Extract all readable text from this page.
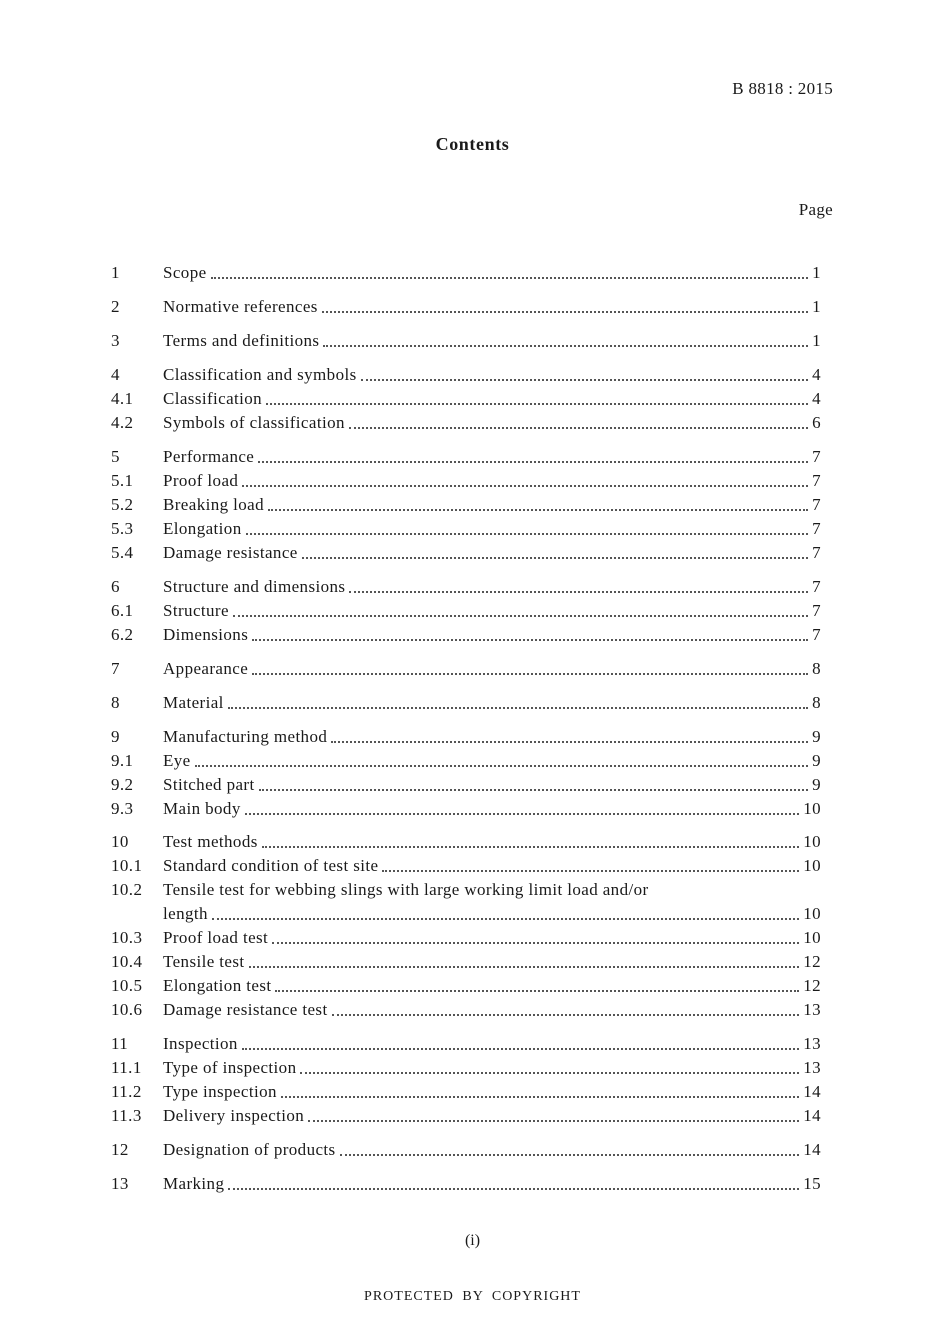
B 8818 : 2015
Contents
Page
1	Scope	1
2	Normative references	1
3	Terms and definitions	1
4	Classification and symbols	4
4.1	Classification	4
4.2	Symbols of classification	6
5	Performance	7
5.1	Proof load	7
5.2	Breaking load	7
5.3	Elongation	7
5.4	Damage resistance	7
6	Structure and dimensions	7
6.1	Structure	7
6.2	Dimensions	7
7	Appearance	8
8	Material	8
9	Manufacturing method	9
9.1	Eye	9
9.2	Stitched part	9
9.3	Main body	10
10	Test methods	10
10.1	Standard condition of test site	10
10.2	Tensile test for webbing slings with large working limit load and/or
length	10
10.3	Proof load test	10
10.4	Tensile test	12
10.5	Elongation test	12
10.6	Damage resistance test	13
11	Inspection	13
11.1	Type of inspection	13
11.2	Type inspection	14
11.3	Delivery inspection	14
12	Designation of products	14
13	Marking	15
(i)
PROTECTED BY COPYRIGHT
